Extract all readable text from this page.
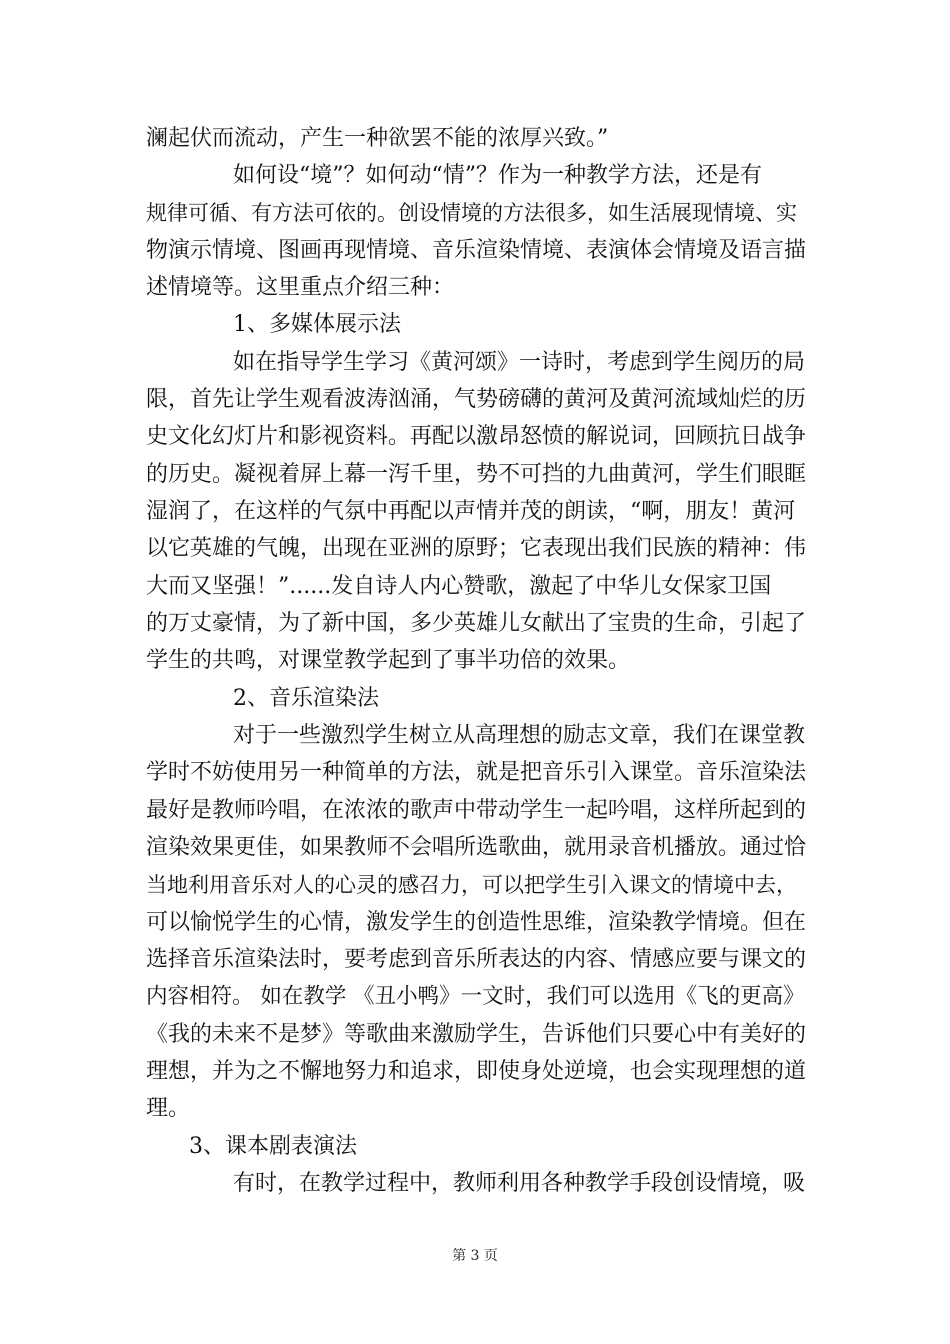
澜起伏而流动，产生一种欲罢不能的浓厚兴致。”
如何设“境”？如何动“情”？作为一种教学方法，还是有
规律可循、有方法可依的。创设情境的方法很多，如生活展现情境、实
物演示情境、图画再现情境、音乐渲染情境、表演体会情境及语言描
述情境等。这里重点介绍三种：
1、多媒体展示法
如在指导学生学习《黄河颂》一诗时，考虑到学生阅历的局
限，首先让学生观看波涛汹涌，气势磅礴的黄河及黄河流域灿烂的历
史文化幻灯片和影视资料。再配以激昂怒愤的解说词，回顾抗日战争
的历史。凝视着屏上幕一泻千里，势不可挡的九曲黄河，学生们眼眶
湿润了，在这样的气氛中再配以声情并茂的朗读，“啊，朋友！黄河
以它英雄的气魄，出现在亚洲的原野；它表现出我们民族的精神：伟
大而又坚强！”......发自诗人内心赞歌，激起了中华儿女保家卫国
的万丈豪情，为了新中国，多少英雄儿女献出了宝贵的生命，引起了
学生的共鸣，对课堂教学起到了事半功倍的效果。
2、音乐渲染法
对于一些激烈学生树立从高理想的励志文章，我们在课堂教
学时不妨使用另一种简单的方法，就是把音乐引入课堂。音乐渲染法
最好是教师吟唱，在浓浓的歌声中带动学生一起吟唱，这样所起到的
渲染效果更佳，如果教师不会唱所选歌曲，就用录音机播放。通过恰
当地利用音乐对人的心灵的感召力，可以把学生引入课文的情境中去，
可以愉悦学生的心情，激发学生的创造性思维，渲染教学情境。但在
选择音乐渲染法时，要考虑到音乐所表达的内容、情感应要与课文的
内容相符。 如在教学 《丑小鸭》一文时，我们可以选用《飞的更高》
《我的未来不是梦》等歌曲来激励学生，告诉他们只要心中有美好的
理想，并为之不懈地努力和追求，即使身处逆境，也会实现理想的道
理。
3、课本剧表演法
有时，在教学过程中，教师利用各种教学手段创设情境，吸
第 3 页
